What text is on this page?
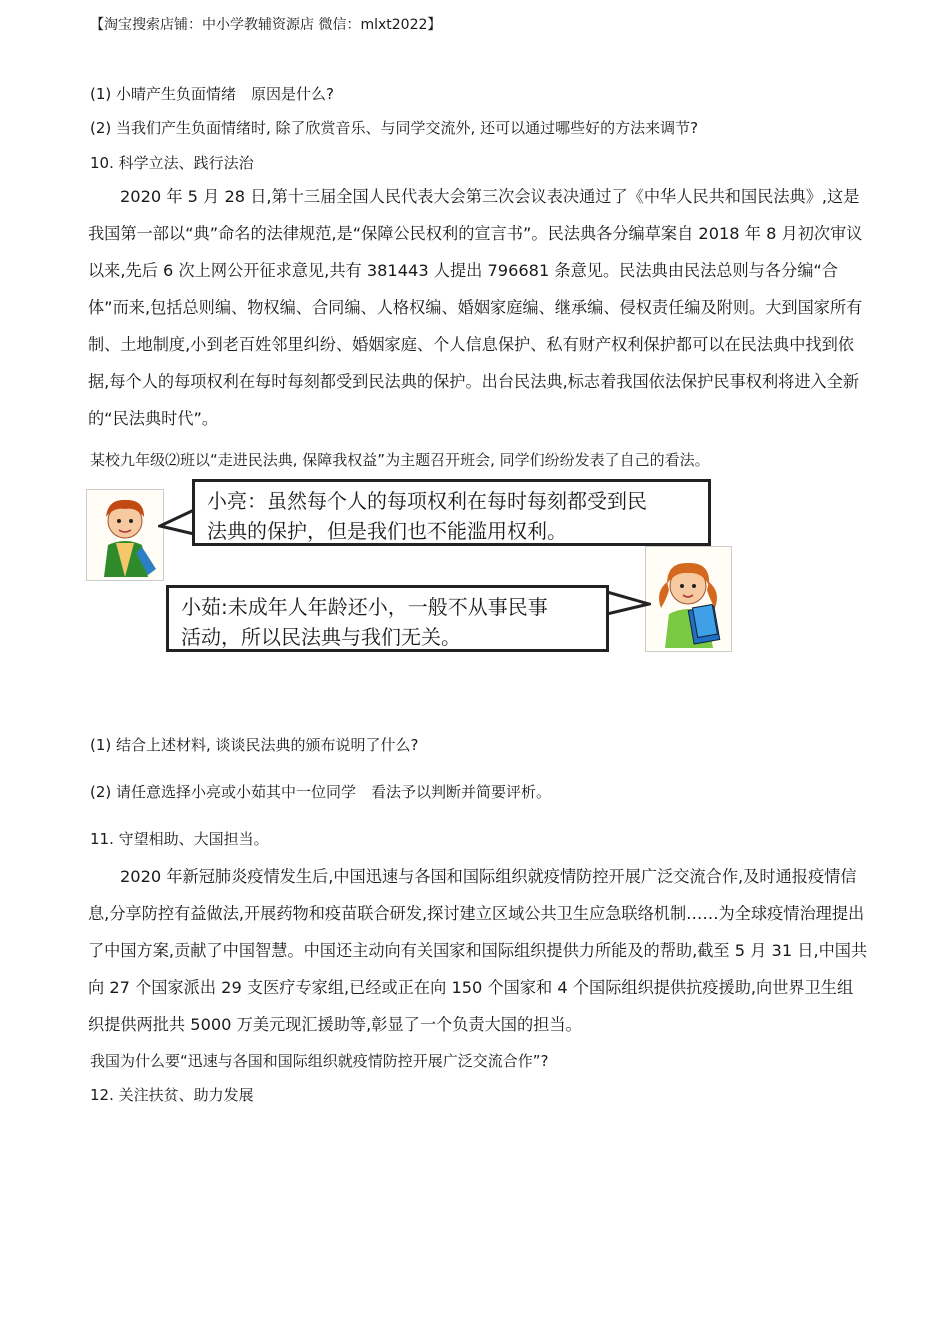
【淘宝搜索店铺：中小学教辅资源店 微信：mlxt2022】
(1) 小晴产生负面情绪　原因是什么?
(2) 当我们产生负面情绪时, 除了欣赏音乐、与同学交流外, 还可以通过哪些好的方法来调节?
10. 科学立法、践行法治
2020 年 5 月 28 日,第十三届全国人民代表大会第三次会议表决通过了《中华人民共和国民法典》,这是我国第一部以“典”命名的法律规范,是“保障公民权利的宣言书”。民法典各分编草案自 2018 年 8 月初次审议以来,先后 6 次上网公开征求意见,共有 381443 人提出 796681 条意见。民法典由民法总则与各分编“合体”而来,包括总则编、物权编、合同编、人格权编、婚姻家庭编、继承编、侵权责任编及附则。大到国家所有制、土地制度,小到老百姓邻里纠纷、婚姻家庭、个人信息保护、私有财产权利保护都可以在民法典中找到依据,每个人的每项权利在每时每刻都受到民法典的保护。出台民法典,标志着我国依法保护民事权利将进入全新的“民法典时代”。
某校九年级⑵班以“走进民法典, 保障我权益”为主题召开班会, 同学们纷纷发表了自己的看法。
小亮：虽然每个人的每项权利在每时每刻都受到民
法典的保护，但是我们也不能滥用权利。
小茹:未成年人年龄还小，一般不从事民事
活动，所以民法典与我们无关。
(1) 结合上述材料, 谈谈民法典的颁布说明了什么?
(2) 请任意选择小亮或小茹其中一位同学　看法予以判断并简要评析。
11. 守望相助、大国担当。
2020 年新冠肺炎疫情发生后,中国迅速与各国和国际组织就疫情防控开展广泛交流合作,及时通报疫情信息,分享防控有益做法,开展药物和疫苗联合研发,探讨建立区域公共卫生应急联络机制……为全球疫情治理提出了中国方案,贡献了中国智慧。中国还主动向有关国家和国际组织提供力所能及的帮助,截至 5 月 31 日,中国共向 27 个国家派出 29 支医疗专家组,已经或正在向 150 个国家和 4 个国际组织提供抗疫援助,向世界卫生组织提供两批共 5000 万美元现汇援助等,彰显了一个负责大国的担当。
我国为什么要“迅速与各国和国际组织就疫情防控开展广泛交流合作”?
12. 关注扶贫、助力发展
